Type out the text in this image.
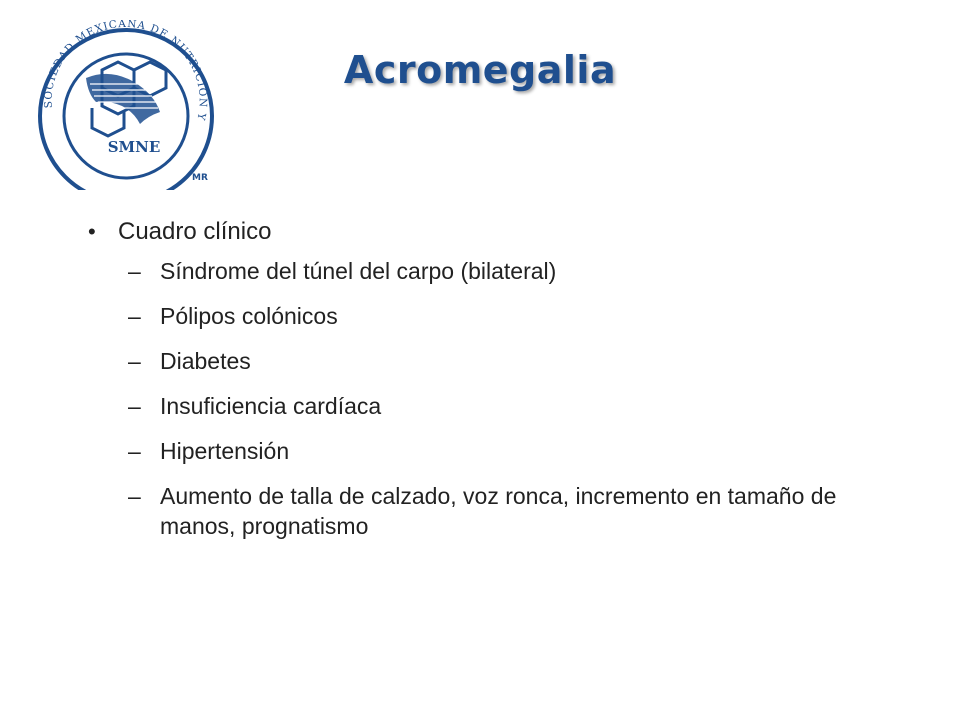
SOCIEDAD MEXICANA DE NUTRICIÓN Y
SMNE
MR
Acromegalia
• Cuadro clínico
– Síndrome del túnel del carpo (bilateral)
– Pólipos colónicos
– Diabetes
– Insuficiencia cardíaca
– Hipertensión
– Aumento de talla de calzado, voz ronca, incremento en tamaño de manos, prognatismo
